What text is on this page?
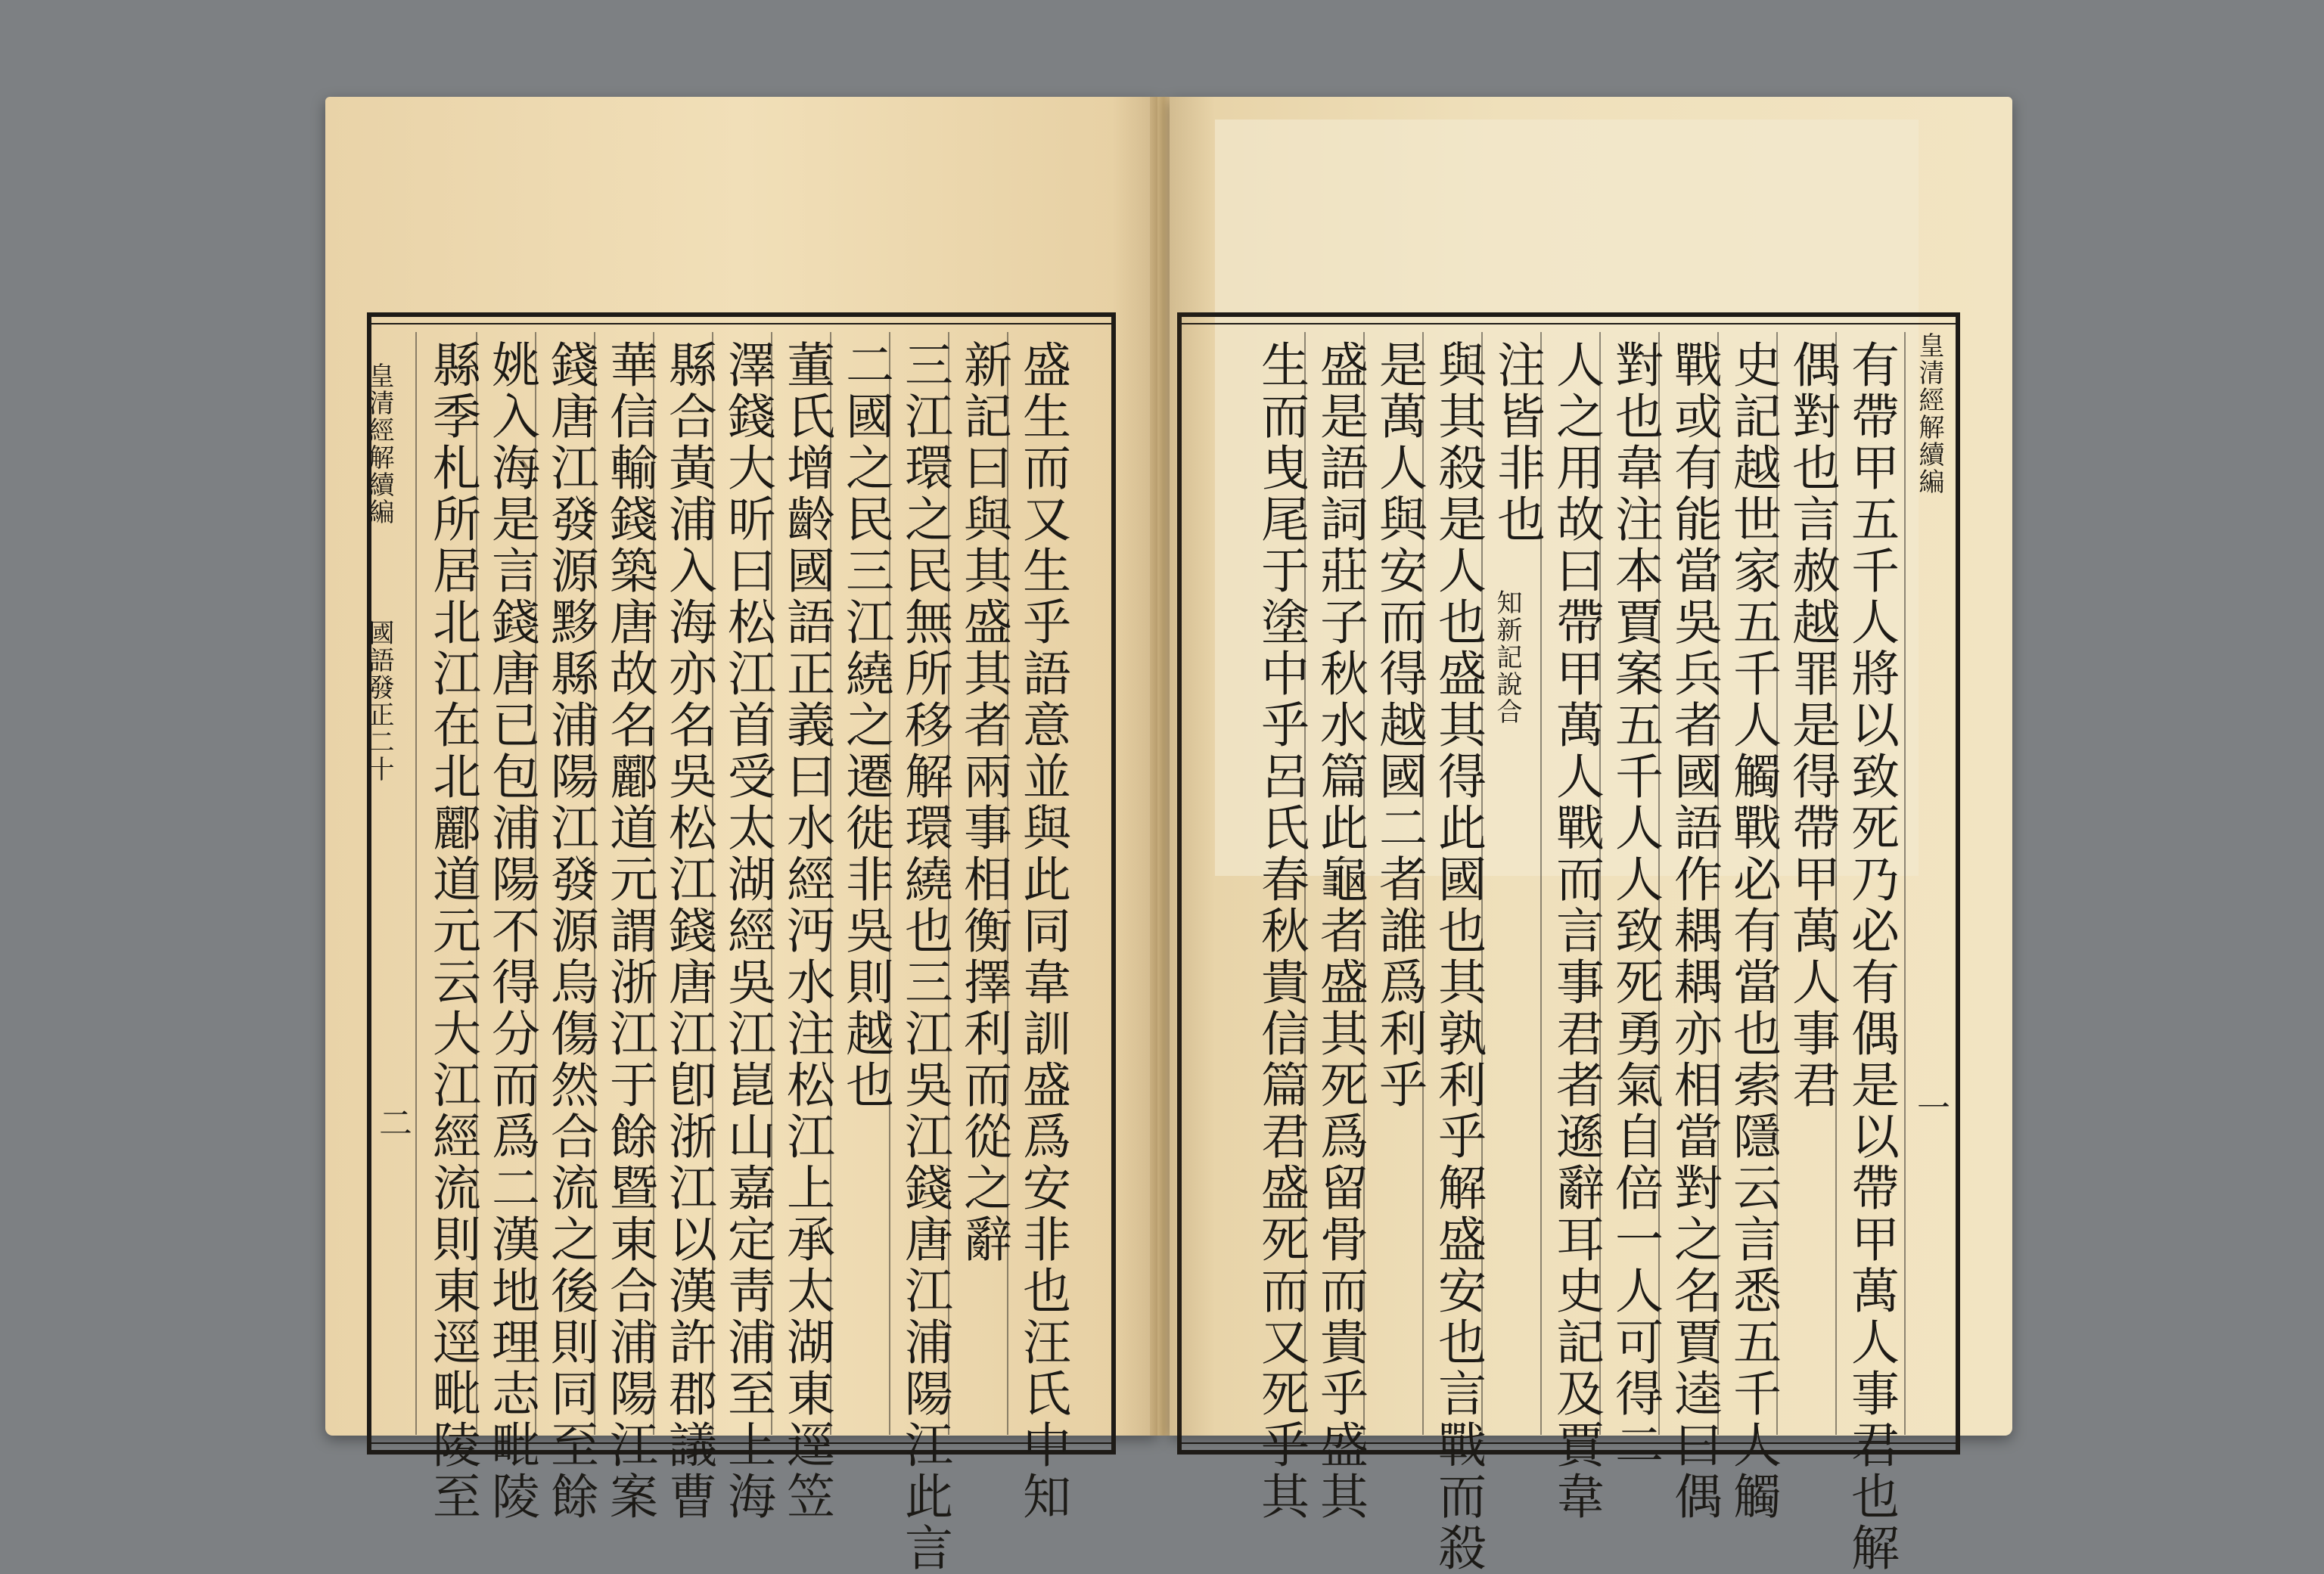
皇清經解續編
國語發正二十
二	盛生而又生乎語意並與此同韋訓盛爲安非也汪氏中知
新記曰與其盛其者兩事相衡擇利而從之辭
三江環之民無所移解環繞也三江吳江錢唐江浦陽江此言
二國之民三江繞之遷徙非吳則越也
董氏增齡國語正義曰水經沔水注松江上承太湖東逕笠
澤錢大昕曰松江首受太湖經吳江崑山嘉定靑浦至上海
縣合黃浦入海亦名吳松江錢唐江卽浙江以漢許郡議曹
華信輸錢築唐故名酈道元謂浙江于餘暨東合浦陽江案
錢唐江發源黟縣浦陽江發源烏傷然合流之後則同至餘
姚入海是言錢唐已包浦陽不得分而爲二漢地理志毗陵
縣季札所居北江在北酈道元云大江經流則東逕毗陵至	皇清經解續編
一
有帶甲五千人將以致死乃必有偶是以帶甲萬人事君也解
偶對也言赦越罪是得帶甲萬人事君
史記越世家五千人觸戰必有當也索隱云言悉五千人觸
戰或有能當吳兵者國語作耦耦亦相當對之名賈逵曰偶
對也韋注本賈案五千人人致死勇氣自倍一人可得二
人之用故曰帶甲萬人戰而言事君者遜辭耳史記及賈韋
注皆非也
知新記說合
與其殺是人也盛其得此國也其孰利乎解盛安也言戰而殺
是萬人與安而得越國二者誰爲利乎
盛是語詞莊子秋水篇此龜者盛其死爲留骨而貴乎盛其
生而曳尾于塗中乎呂氏春秋貴信篇君盛死而又死乎其
